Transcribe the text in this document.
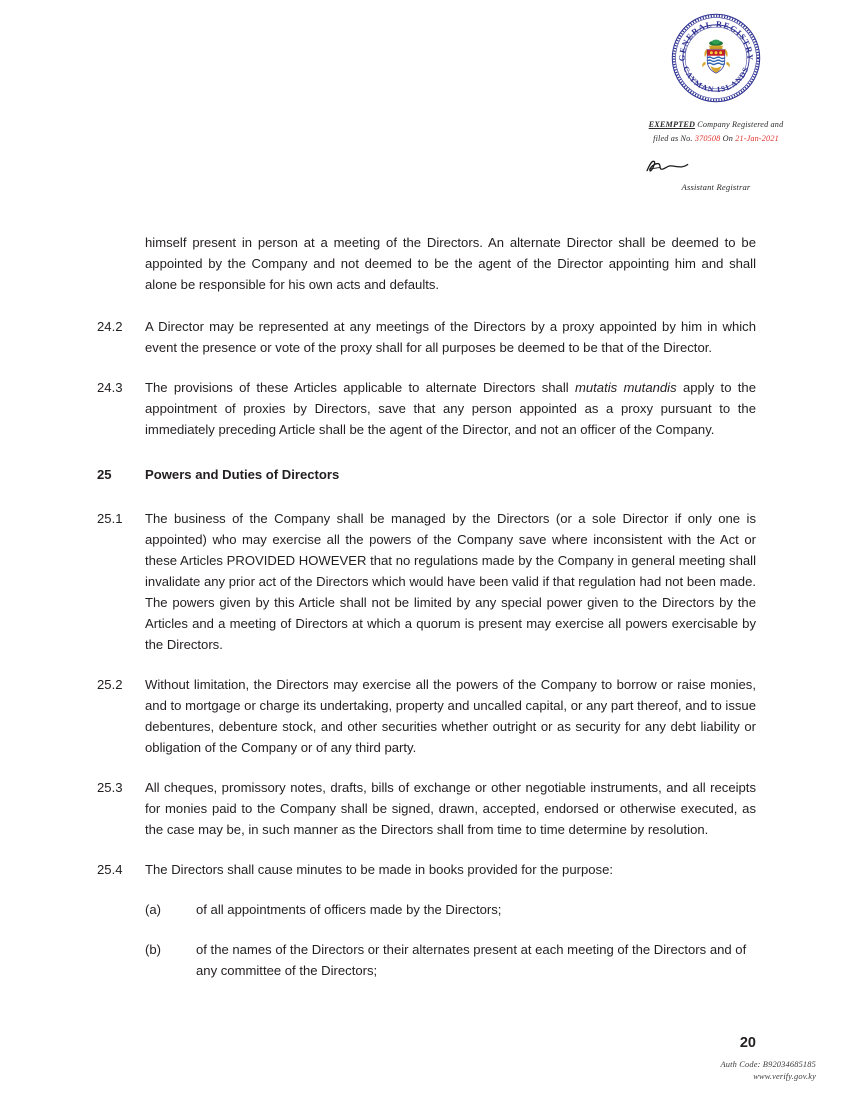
GENERAL REGISTRY
CAYMAN ISLANDS
EXEMPTED Company Registered and
filed as No. 370508 On 21-Jan-2021
Assistant Registrar
himself present in person at a meeting of the Directors. An alternate Director shall be deemed to be appointed by the Company and not deemed to be the agent of the Director appointing him and shall alone be responsible for his own acts and defaults.
24.2	A Director may be represented at any meetings of the Directors by a proxy appointed by him in which event the presence or vote of the proxy shall for all purposes be deemed to be that of the Director.
24.3	The provisions of these Articles applicable to alternate Directors shall mutatis mutandis apply to the appointment of proxies by Directors, save that any person appointed as a proxy pursuant to the immediately preceding Article shall be the agent of the Director, and not an officer of the Company.
25	Powers and Duties of Directors
25.1	The business of the Company shall be managed by the Directors (or a sole Director if only one is appointed) who may exercise all the powers of the Company save where inconsistent with the Act or these Articles PROVIDED HOWEVER that no regulations made by the Company in general meeting shall invalidate any prior act of the Directors which would have been valid if that regulation had not been made. The powers given by this Article shall not be limited by any special power given to the Directors by the Articles and a meeting of Directors at which a quorum is present may exercise all powers exercisable by the Directors.
25.2	Without limitation, the Directors may exercise all the powers of the Company to borrow or raise monies, and to mortgage or charge its undertaking, property and uncalled capital, or any part thereof, and to issue debentures, debenture stock, and other securities whether outright or as security for any debt liability or obligation of the Company or of any third party.
25.3	All cheques, promissory notes, drafts, bills of exchange or other negotiable instruments, and all receipts for monies paid to the Company shall be signed, drawn, accepted, endorsed or otherwise executed, as the case may be, in such manner as the Directors shall from time to time determine by resolution.
25.4	The Directors shall cause minutes to be made in books provided for the purpose:
(a)	of all appointments of officers made by the Directors;
(b)	of the names of the Directors or their alternates present at each meeting of the Directors and of any committee of the Directors;
20
Auth Code: B92034685185
www.verify.gov.ky
